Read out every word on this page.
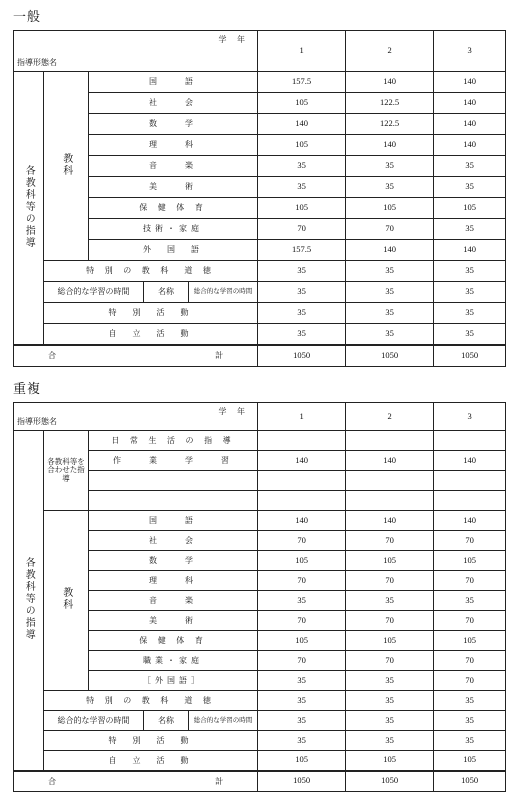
一般
学 年
指導形態名					1	2	3
各教科等の指導	教科	国　　語			157.5	140	140
		社　　会			105	122.5	140
		数　　学			140	122.5	140
		理　　科			105	140	140
		音　　楽			35	35	35
		美　　術			35	35	35
		保 健 体 育			105	105	105
		技術・家庭			70	70	35
		外　国　語			157.5	140	140
	特 別 の 教 科　道 徳				35	35	35
	総合的な学習の時間		名称	総合的な学習の時間	35	35	35
	特　別　活　動				35	35	35
	自　立　活　動				35	35	35

合 計					1050	1050	1050
重複
学 年
指導形態名					1	2	3
各教科等の指導	各教科等を合わせた指導	日 常 生 活 の 指 導					
		作　　業　　学　　習			140	140	140

	教科	国　　語			140	140	140
		社　　会			70	70	70
		数　　学			105	105	105
		理　　科			70	70	70
		音　　楽			35	35	35
		美　　術			70	70	70
		保 健 体 育			105	105	105
		職業・家庭			70	70	70
		［外国語］			35	35	70
	特 別 の 教 科　道 徳				35	35	35
	総合的な学習の時間		名称	総合的な学習の時間	35	35	35
	特　別　活　動				35	35	35
	自　立　活　動				105	105	105

合 計					1050	1050	1050
